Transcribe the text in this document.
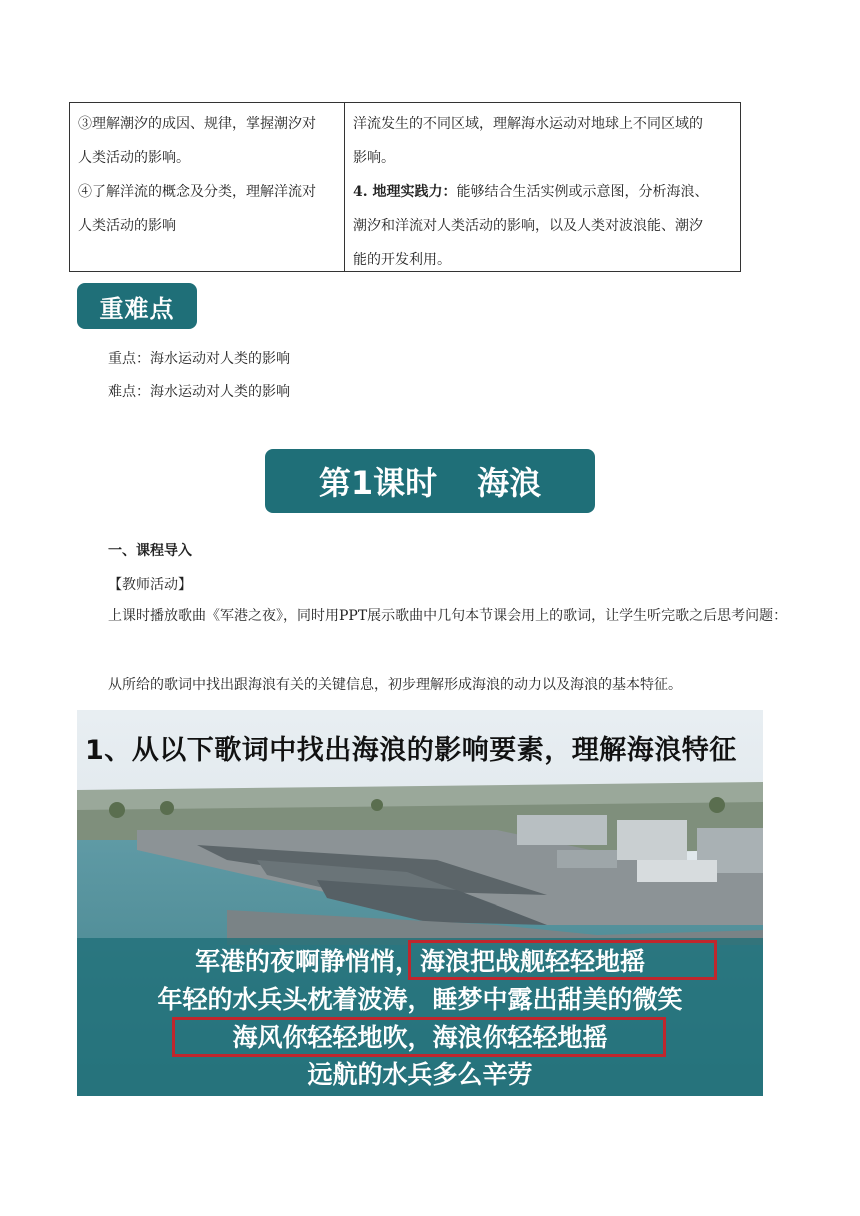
③理解潮汐的成因、规律，掌握潮汐对

人类活动的影响。

④了解洋流的概念及分类，理解洋流对

人类活动的影响

洋流发生的不同区域，理解海水运动对地球上不同区域的

影响。

4. 地理实践力：能够结合生活实例或示意图，分析海浪、

潮汐和洋流对人类活动的影响，以及人类对波浪能、潮汐

能的开发利用。

重难点
重点：海水运动对人类的影响
难点：海水运动对人类的影响
第1课时 海浪
一、课程导入
【教师活动】
上课时播放歌曲《军港之夜》，同时用PPT展示歌曲中几句本节课会用上的歌词，让学生听完歌之后思考问题：
从所给的歌词中找出跟海浪有关的关键信息，初步理解形成海浪的动力以及海浪的基本特征。
1、从以下歌词中找出海浪的影响要素，理解海浪特征
军港的夜啊静悄悄，海浪把战舰轻轻地摇
年轻的水兵头枕着波涛，睡梦中露出甜美的微笑
海风你轻轻地吹，海浪你轻轻地摇
远航的水兵多么辛劳
